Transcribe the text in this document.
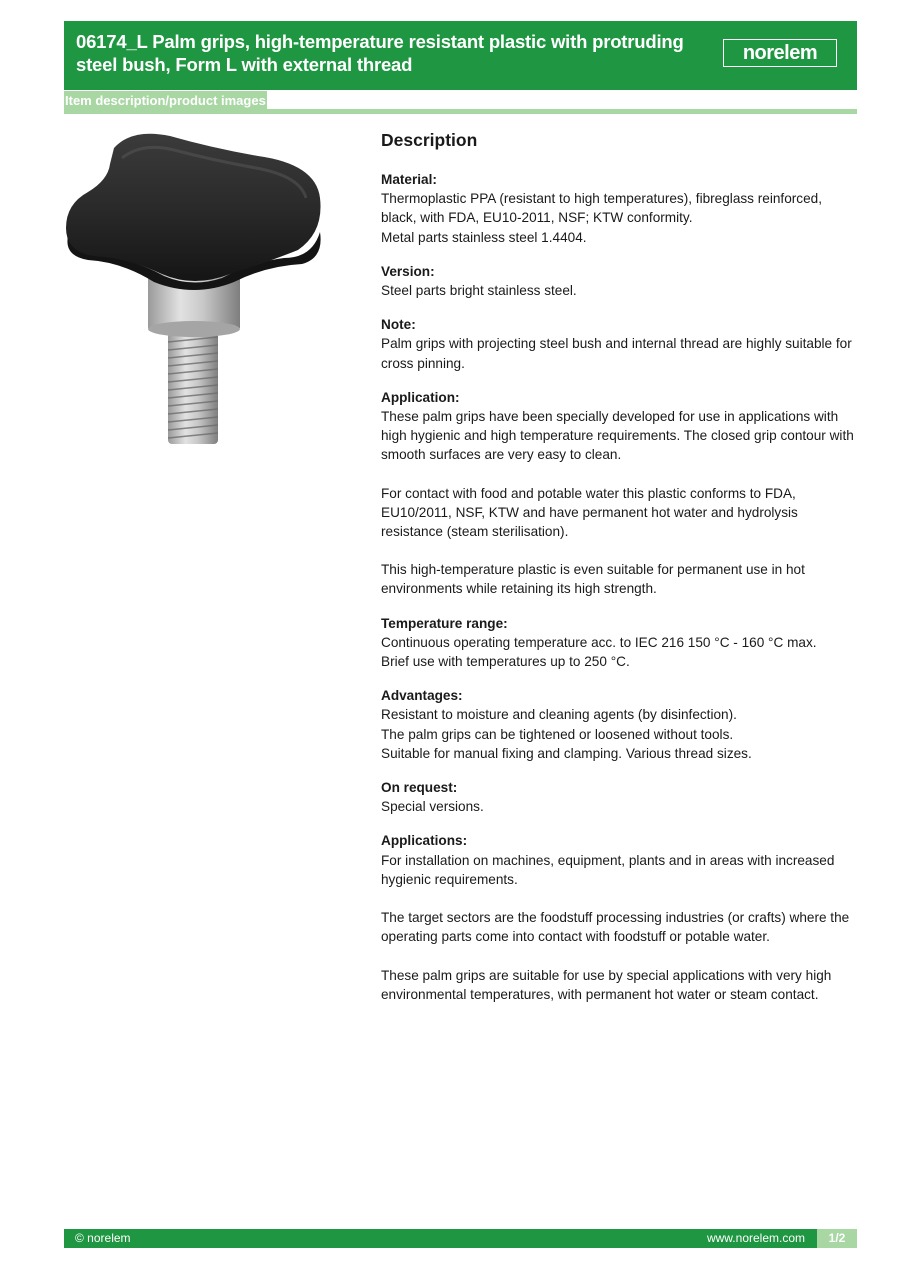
06174_L Palm grips, high-temperature resistant plastic with protruding steel bush, Form L with external thread
norelem
Item description/product images
Description
Material:
Thermoplastic PPA (resistant to high temperatures), fibreglass reinforced, black, with FDA, EU10-2011, NSF; KTW conformity.
Metal parts stainless steel 1.4404.
Version:
Steel parts bright stainless steel.
Note:
Palm grips with projecting steel bush and internal thread are highly suitable for cross pinning.
Application:
These palm grips have been specially developed for use in applications with high hygienic and high temperature requirements. The closed grip contour with smooth surfaces are very easy to clean.
For contact with food and potable water this plastic conforms to FDA, EU10/2011, NSF, KTW and have permanent hot water and hydrolysis resistance (steam sterilisation).
This high-temperature plastic is even suitable for permanent use in hot environments while retaining its high strength.
Temperature range:
Continuous operating temperature acc. to IEC 216 150 °C - 160 °C max.
Brief use with temperatures up to 250 °C.
Advantages:
Resistant to moisture and cleaning agents (by disinfection).
The palm grips can be tightened or loosened without tools.
Suitable for manual fixing and clamping. Various thread sizes.
On request:
Special versions.
Applications:
For installation on machines, equipment, plants and in areas with increased hygienic requirements.
The target sectors are the foodstuff processing industries (or crafts) where the operating parts come into contact with foodstuff or potable water.
These palm grips are suitable for use by special applications with very high environmental temperatures, with permanent hot water or steam contact.
© norelem	www.norelem.com	1/2
